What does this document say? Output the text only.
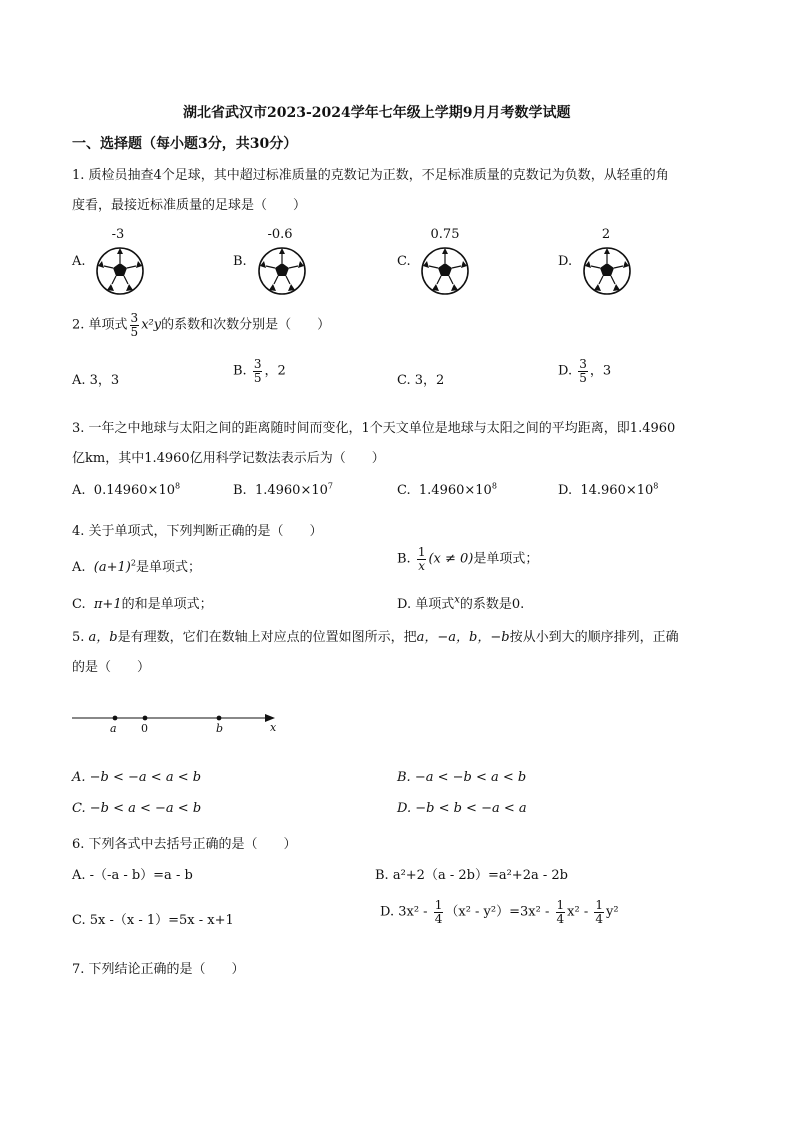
湖北省武汉市2023-2024学年七年级上学期9月月考数学试题
一、选择题（每小题3分，共30分）
1. 质检员抽查4个足球，其中超过标准质量的克数记为正数，不足标准质量的克数记为负数，从轻重的角
度看，最接近标准质量的足球是（　　）
A.
-3
B.
-0.6
C.
0.75
D.
2
2. 单项式 $\frac{3}{5} x^2y$的系数和次数分别是（　　）
A. 3，3
B. $\frac{3}{5}$ ，2
C. 3，2
D. $\frac{3}{5}$ ，3
3. 一年之中地球与太阳之间的距离随时间而变化，1个天文单位是地球与太阳之间的平均距离，即1.4960
亿km，其中1.4960亿用科学记数法表示后为（　　）
A. $0.14960\times 10^8$	B. $1.4960\times 10^7$	C. $1.4960\times 10^8$	D. $14.960\times 10^8$
4. 关于单项式，下列判断正确的是（　　）
A. $(a+1)^2$是单项式；
B. $\frac{1}{x} (x \ne 0)$是单项式；
C. π+1的和是单项式；	D. 单项式$^x$的系数是0.
5. a，b是有理数，它们在数轴上对应点的位置如图所示，把a，−a，b，−b按从小到大的顺序排列，正确
的是（　　）
a 0	b	x
A. −b < −a < a < b	B. −a < −b < a < b
C. −b < a < −a < b	D. −b < b < −a < a
6. 下列各式中去括号正确的是（　　）
A. -（-a - b）=a - b	B. a²+2（a - 2b）=a²+2a - 2b
C. 5x -（x - 1）=5x - x+1
D. $3x^2 - \frac{1}{4} (x^2 - y^2)=3x^2 - \frac{1}{4} x^2 - \frac{1}{4} y^2$
7. 下列结论正确的是（　　）
